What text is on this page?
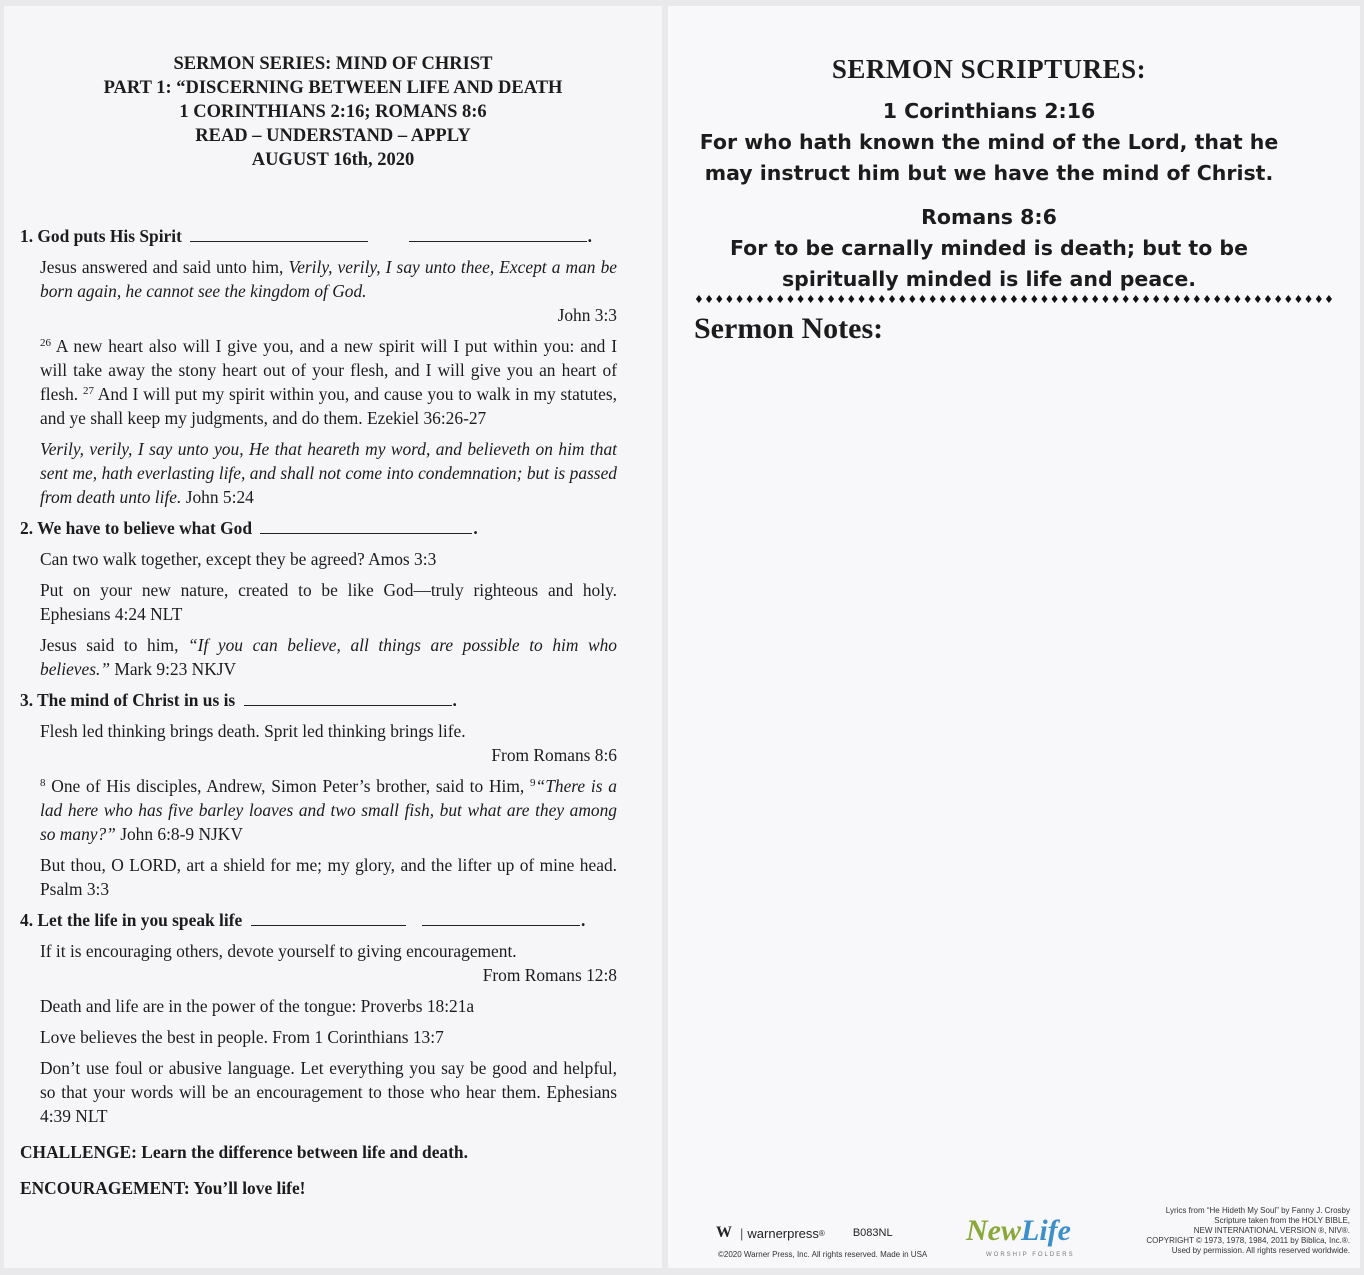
SERMON SERIES: MIND OF CHRIST
PART 1: “DISCERNING BETWEEN LIFE AND DEATH
1 CORINTHIANS 2:16; ROMANS 8:6
READ – UNDERSTAND – APPLY
AUGUST 16th, 2020
1. God puts His Spirit	.
Jesus answered and said unto him, Verily, verily, I say unto thee, Except a man be born again, he cannot see the kingdom of God.
John 3:3
$^{26}$ A new heart also will I give you, and a new spirit will I put within you: and I will take away the stony heart out of your flesh, and I will give you an heart of flesh. $^{27}$ And I will put my spirit within you, and cause you to walk in my statutes, and ye shall keep my judgments, and do them. Ezekiel 36:26-27
Verily, verily, I say unto you, He that heareth my word, and believeth on him that sent me, hath everlasting life, and shall not come into condemnation; but is passed from death unto life. John 5:24
2. We have to believe what God	.
Can two walk together, except they be agreed? Amos 3:3
Put on your new nature, created to be like God—truly righteous and holy. Ephesians 4:24 NLT
Jesus said to him, “If you can believe, all things are possible to him who believes.” Mark 9:23 NKJV
3. The mind of Christ in us is	.
Flesh led thinking brings death. Sprit led thinking brings life.
From Romans 8:6
$^8$ One of His disciples, Andrew, Simon Peter’s brother, said to Him, $^9$“There is a lad here who has five barley loaves and two small fish, but what are they among so many?” John 6:8-9 NJKV
But thou, O LORD, art a shield for me; my glory, and the lifter up of mine head. Psalm 3:3
4. Let the life in you speak life	.
If it is encouraging others, devote yourself to giving encouragement.
From Romans 12:8
Death and life are in the power of the tongue: Proverbs 18:21a
Love believes the best in people. From 1 Corinthians 13:7
Don’t use foul or abusive language. Let everything you say be good and helpful, so that your words will be an encouragement to those who hear them. Ephesians 4:39 NLT
CHALLENGE: Learn the difference between life and death.
ENCOURAGEMENT: You’ll love life!
SERMON SCRIPTURES:
1 Corinthians 2:16
For who hath known the mind of the Lord, that he
may instruct him but we have the mind of Christ.
Romans 8:6
For to be carnally minded is death; but to be
spiritually minded is life and peace.
♦♦♦♦♦♦♦♦♦♦♦♦♦♦♦♦♦♦♦♦♦♦♦♦♦♦♦♦♦♦♦♦♦♦♦♦♦♦♦♦♦♦♦♦♦♦♦♦♦♦♦♦♦♦♦♦♦♦♦♦♦♦♦
Sermon Notes:
W | warnerpress ®	B083NL
©2020 Warner Press, Inc. All rights reserved. Made in USA
NewLife
WORSHIP FOLDERS
Lyrics from “He Hideth My Soul” by Fanny J. Crosby
Scripture taken from the HOLY BIBLE,
NEW INTERNATIONAL VERSION ®, NIV®.
COPYRIGHT © 1973, 1978, 1984, 2011 by Biblica, Inc.®.
Used by permission. All rights reserved worldwide.
